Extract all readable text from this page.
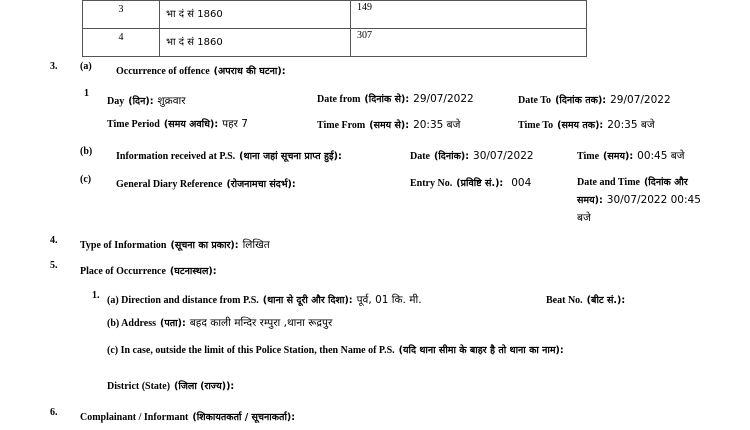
3	भा दं सं 1860	149
4	भा दं सं 1860	307
3. (a) Occurrence of offence (अपराध की घटना):
1
Day (दिन): शुक्रवार	Date from (दिनांक से): 29/07/2022	Date To (दिनांक तक): 29/07/2022
Time Period (समय अवधि): पहर 7	Time From (समय से): 20:35 बजे	Time To (समय तक): 20:35 बजे
(b) Information received at P.S. (थाना जहां सूचना प्राप्त हुई):	Date (दिनांक): 30/07/2022	Time (समय): 00:45 बजे
(c) General Diary Reference (रोजनामचा संदर्भ):	Entry No. (प्रविष्टि सं.): 004	Date and Time (दिनांक और
समय): 30/07/2022 00:45
बजे
4. Type of Information (सूचना का प्रकार): लिखित
5.
Place of Occurrence (घटनास्थल):
1. (a) Direction and distance from P.S. (थाना से दूरी और दिशा): पूर्व, 01 कि. मी.	Beat No. (बीट सं.):
(b) Address (पता): बहद काली मन्दिर रम्पुरा ,थाना रूद्रपुर
(c) In case, outside the limit of this Police Station, then Name of P.S. (यदि थाना सीमा के बाहर है तो थाना का नाम):
District (State) (जिला (राज्य)):
6. Complainant / Informant (शिकायतकर्ता / सूचनाकर्ता):
